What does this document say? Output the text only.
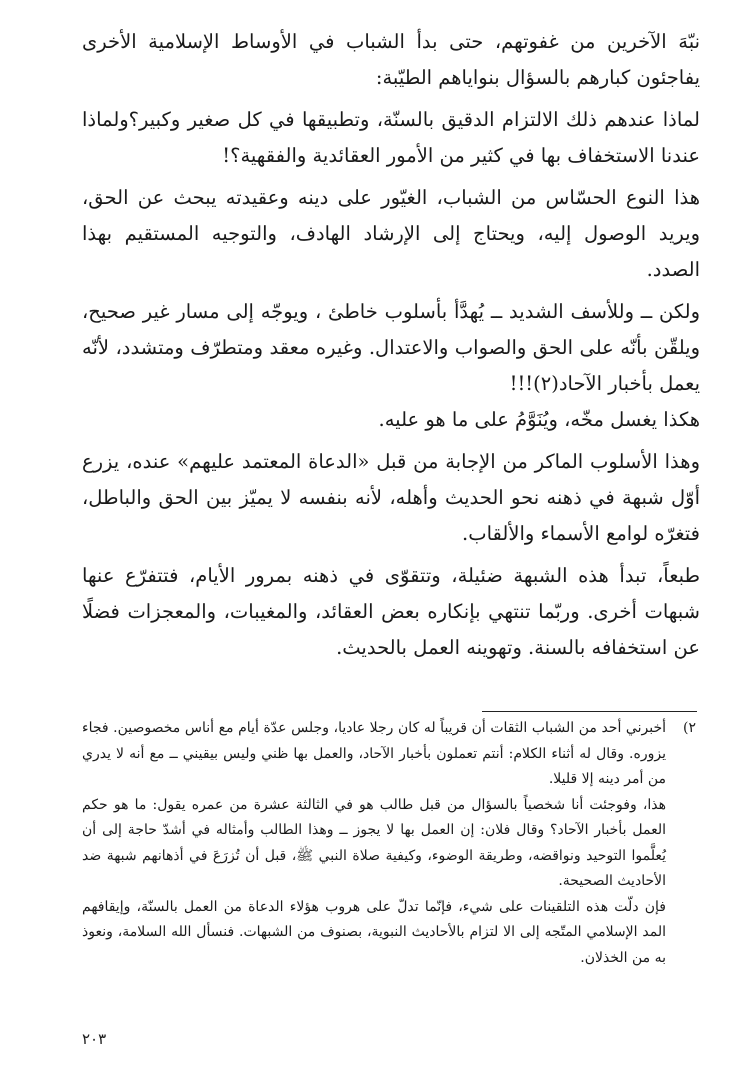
نبّهَ الآخرين من غفوتهم، حتى بدأ الشباب في الأوساط الإسلامية الأخرى يفاجئون كبارهم بالسؤال بنواياهم الطيّبة:

لماذا عندهم ذلك الالتزام الدقيق بالسنّة، وتطبيقها في كل صغير وكبير؟ولماذا عندنا الاستخفاف بها في كثير من الأمور العقائدية والفقهية؟!

هذا النوع الحسّاس من الشباب، الغيّور على دينه وعقيدته يبحث عن الحق، ويريد الوصول إليه، ويحتاج إلى الإرشاد الهادف، والتوجيه المستقيم بهذا الصدد.

ولكن ــ وللأسف الشديد ــ يُهدَّأ بأسلوب خاطئ ، ويوجّه إلى مسار غير صحيح، ويلقّن بأنّه على الحق والصواب والاعتدال. وغيره معقد ومتطرّف ومتشدد، لأنّه يعمل بأخبار الآحاد(٢)!!!

هكذا يغسل مخّه، ويُنَوَّمُ على ما هو عليه.

وهذا الأسلوب الماكر من الإجابة من قبل «الدعاة المعتمد عليهم» عنده، يزرع أوّل شبهة في ذهنه نحو الحديث وأهله، لأنه بنفسه لا يميّز بين الحق والباطل، فتغرّه لوامع الأسماء والألقاب.

طبعاً، تبدأ هذه الشبهة ضئيلة، وتتقوّى في ذهنه بمرور الأيام، فتتفرّع عنها شبهات أخرى. وربّما تنتهي بإنكاره بعض العقائد، والمغيبات، والمعجزات فضلًا عن استخفافه بالسنة. وتهوينه العمل بالحديث.

٢)

أخبرني أحد من الشباب الثقات أن قريباً له كان رجلا عاديا، وجلس عدّة أيام مع أناس مخصوصين. فجاء يزوره. وقال له أثناء الكلام: أنتم تعملون بأخبار الآحاد، والعمل بها ظني وليس بيقيني ــ مع أنه لا يدري من أمر دينه إلا قليلا.

هذا، وفوجئت أنا شخصياً بالسؤال من قبل طالب هو في الثالثة عشرة من عمره يقول: ما هو حكم العمل بأخبار الآحاد؟ وقال فلان: إن العمل بها لا يجوز ــ وهذا الطالب وأمثاله في أشدّ حاجة إلى أن يُعلَّموا التوحيد ونواقضه، وطريقة الوضوء، وكيفية صلاة النبي ﷺ، قبل أن تُزرَعَ في أذهانهم شبهة ضد الأحاديث الصحيحة.

فإن دلّت هذه التلقينات على شيء، فإنّما تدلّ على هروب هؤلاء الدعاة من العمل بالسنّة، وإيقافهم المد الإسلامي المتّجه إلى الا لتزام بالأحاديث النبوية، بصنوف من الشبهات. فنسأل الله السلامة، ونعوذ به من الخذلان.

٢٠٣
